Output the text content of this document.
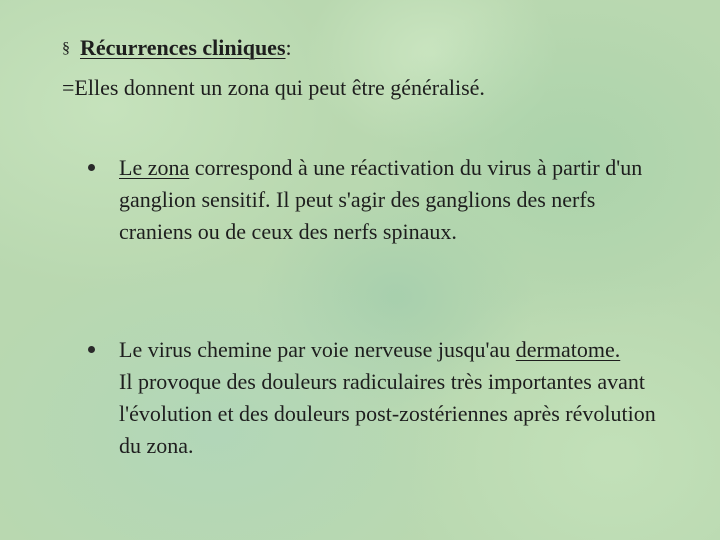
§ Récurrences cliniques:
=Elles donnent un zona qui peut être généralisé.
Le zona correspond à une réactivation du virus à partir d'un ganglion sensitif. Il peut s'agir des ganglions des nerfs craniens ou de ceux des nerfs spinaux.
Le virus chemine par voie nerveuse jusqu'au dermatome.
Il provoque des douleurs radiculaires très importantes avant l'évolution et des douleurs post-zostériennes après révolution du zona.
